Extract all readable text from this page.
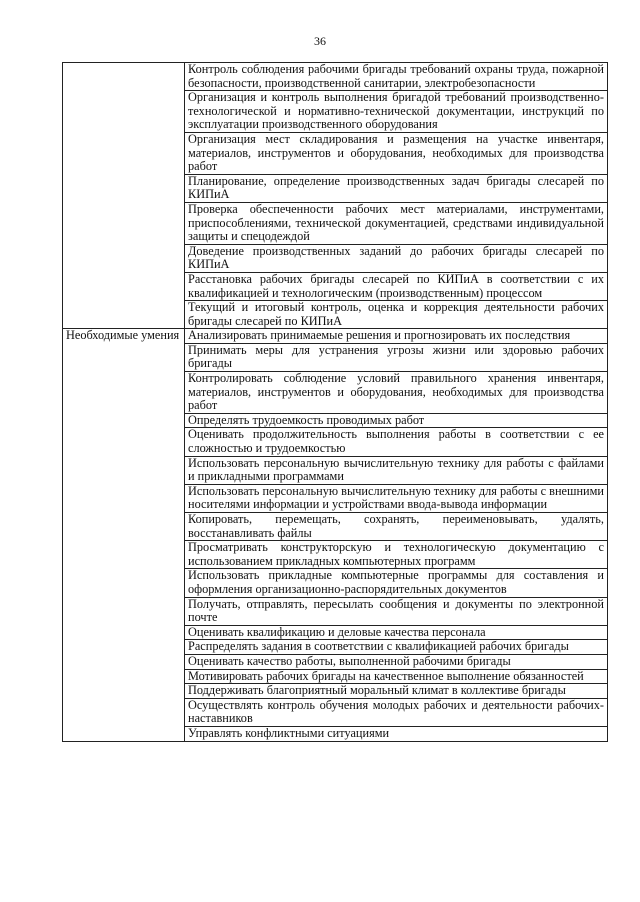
36
	Контроль соблюдения рабочими бригады требований охраны труда, пожарной безопасности, производственной санитарии, электробезопасности
	Организация и контроль выполнения бригадой требований производственно-технологической и нормативно-технической документации, инструкций по эксплуатации производственного оборудования
	Организация мест складирования и размещения на участке инвентаря, материалов, инструментов и оборудования, необходимых для производства работ
	Планирование, определение производственных задач бригады слесарей по КИПиА
	Проверка обеспеченности рабочих мест материалами, инструментами, приспособлениями, технической документацией, средствами индивидуальной защиты и спецодеждой
	Доведение производственных заданий до рабочих бригады слесарей по КИПиА
	Расстановка рабочих бригады слесарей по КИПиА в соответствии с их квалификацией и технологическим (производственным) процессом
	Текущий и итоговый контроль, оценка и коррекция деятельности рабочих бригады слесарей по КИПиА
Необходимые умения	Анализировать принимаемые решения и прогнозировать их последствия
	Принимать меры для устранения угрозы жизни или здоровью рабочих бригады
	Контролировать соблюдение условий правильного хранения инвентаря, материалов, инструментов и оборудования, необходимых для производства работ
	Определять трудоемкость проводимых работ
	Оценивать продолжительность выполнения работы в соответствии с ее сложностью и трудоемкостью
	Использовать персональную вычислительную технику для работы с файлами и прикладными программами
	Использовать персональную вычислительную технику для работы с внешними носителями информации и устройствами ввода-вывода информации
	Копировать, перемещать, сохранять, переименовывать, удалять, восстанавливать файлы
	Просматривать конструкторскую и технологическую документацию с использованием прикладных компьютерных программ
	Использовать прикладные компьютерные программы для составления и оформления организационно-распорядительных документов
	Получать, отправлять, пересылать сообщения и документы по электронной почте
	Оценивать квалификацию и деловые качества персонала
	Распределять задания в соответствии с квалификацией рабочих бригады
	Оценивать качество работы, выполненной рабочими бригады
	Мотивировать рабочих бригады на качественное выполнение обязанностей
	Поддерживать благоприятный моральный климат в коллективе бригады
	Осуществлять контроль обучения молодых рабочих и деятельности рабочих-наставников
	Управлять конфликтными ситуациями
